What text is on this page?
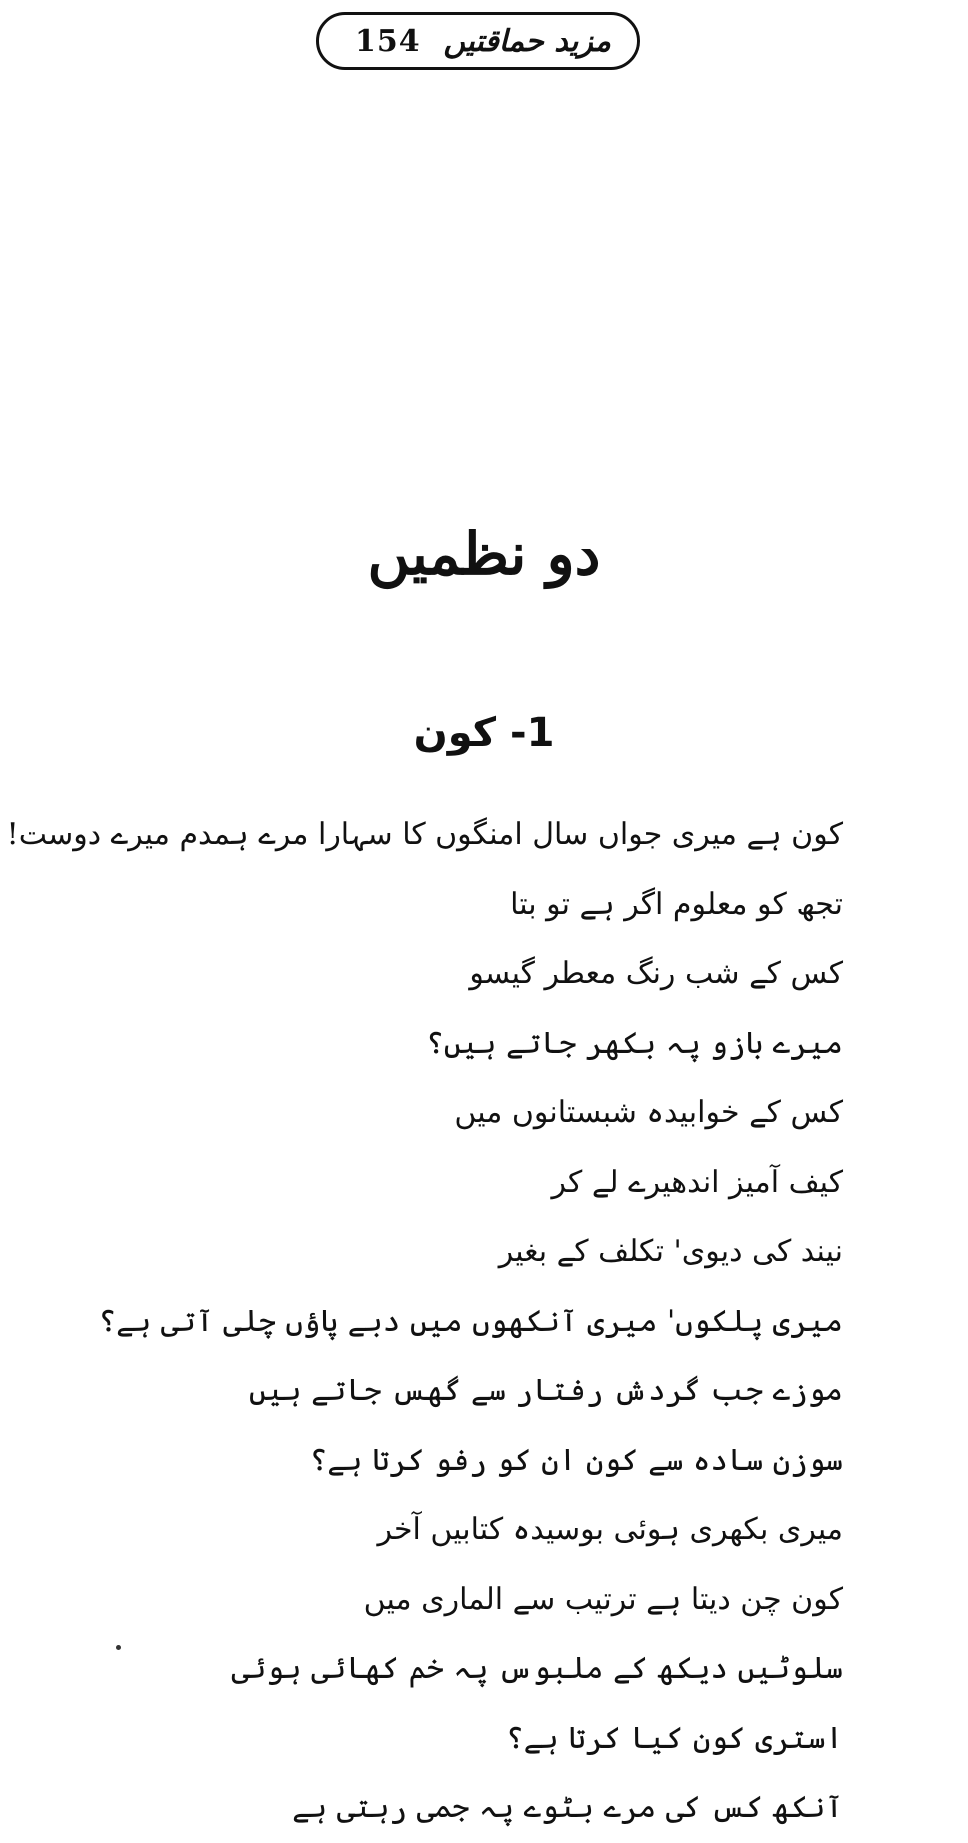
154 مزید حماقتیں
دو نظمیں
1- کون
کون ہے میری جواں سال امنگوں کا سہارا مرے ہمدم میرے دوست!
تجھ کو معلوم اگر ہے تو بتا
کس کے شب رنگ معطر گیسو
میرے بازو پہ بکھر جاتے ہیں؟
کس کے خوابیدہ شبستانوں میں
کیف آمیز اندھیرے لے کر
نیند کی دیوی' تکلف کے بغیر
میری پلکوں' میری آنکھوں میں دبے پاؤں چلی آتی ہے؟
موزے جب گردش رفتار سے گھس جاتے ہیں
سوزن سادہ سے کون ان کو رفو کرتا ہے؟
میری بکھری ہوئی بوسیدہ کتابیں آخر
کون چن دیتا ہے ترتیب سے الماری میں
سلوٹیں دیکھ کے ملبوس پہ خم کھائی ہوئی
استری کون کیا کرتا ہے؟
آنکھ کس کی مرے بٹوے پہ جمی رہتی ہے
